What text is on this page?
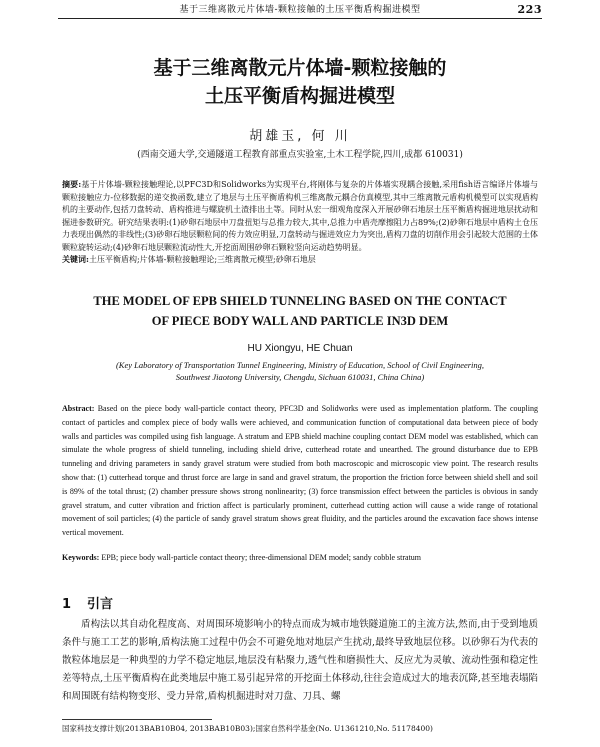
基于三维离散元片体墙-颗粒接触的土压平衡盾构掘进模型	223
基于三维离散元片体墙-颗粒接触的
土压平衡盾构掘进模型
胡雄玉, 何 川
(西南交通大学,交通隧道工程教育部重点实验室,土木工程学院,四川,成都 610031)
摘要:基于片体墙-颗粒接触理论,以PFC3D和Solidworks为实现平台,将刚体与复杂的片体墙实现耦合接触,采用fish语言编译片体墙与颗粒接触应力-位移数据的递交换函数,建立了地层与土压平衡盾构机三维离散元耦合仿真模型,其中三维离散元盾构机模型可以实现盾构机的主要动作,包括刀盘转动、盾构推进与螺旋机土渣排出土等。同时从宏一细观角度深入开展砂卵石地层土压平衡盾构掘进地层扰动和掘进参数研究。研究结果表明:(1)砂卵石地层中刀盘扭矩与总推力较大,其中,总推力中盾壳摩擦阻力占89%;(2)砂卵石地层中盾构土仓压力表现出偶然的非线性;(3)砂卵石地层颗粒间的传力效应明显,刀盘转动与掘进效应力为突出,盾构刀盘的切削作用会引起较大范围的土体颗粒旋转运动;(4)砂卵石地层颗粒流动性大,开挖面周围砂卵石颗粒竖向运动趋势明显。
关键词:土压平衡盾构;片体墙-颗粒接触理论;三维离散元模型;砂卵石地层
THE MODEL OF EPB SHIELD TUNNELING BASED ON THE CONTACT
OF PIECE BODY WALL AND PARTICLE IN3D DEM
HU Xiongyu, HE Chuan
(Key Laboratory of Transportation Tunnel Engineering, Ministry of Education, School of Civil Engineering,
Southwest Jiaotong University, Chengdu, Sichuan 610031, China China)
Abstract: Based on the piece body wall-particle contact theory, PFC3D and Solidworks were used as implementation platform. The coupling contact of particles and complex piece of body walls were achieved, and communication function of computational data between piece of body walls and particles was compiled using fish language. A stratum and EPB shield machine coupling contact DEM model was established, which can simulate the whole progress of shield tunneling, including shield drive, cutterhead rotate and unearthed. The ground disturbance due to EPB tunneling and driving parameters in sandy gravel stratum were studied from both macroscopic and microscopic view point. The research results show that: (1) cutterhead torque and thrust force are large in sand and gravel stratum, the proportion the friction force between shield shell and soil is 89% of the total thrust; (2) chamber pressure shows strong nonlinearity; (3) force transmission effect between the particles is obvious in sandy gravel stratum, and cutter vibration and friction affect is particularly prominent, cutterhead cutting action will cause a wide range of rotational movement of soil particles; (4) the particle of sandy gravel stratum shows great fluidity, and the particles around the excavation face shows intense vertical movement.
Keywords: EPB; piece body wall-particle contact theory; three-dimensional DEM model; sandy cobble stratum
1 引言
盾构法以其自动化程度高、对周围环境影响小的特点而成为城市地铁隧道施工的主流方法,然而,由于受到地质条件与施工工艺的影响,盾构法施工过程中仍会不可避免地对地层产生扰动,最终导致地层位移。以砂卵石为代表的散粒体地层是一种典型的力学不稳定地层,地层没有粘聚力,透气性和磨损性大、反应尤为灵敏、流动性强和稳定性差等特点,土压平衡盾构在此类地层中施工易引起异常的开挖面土体移动,往往会造成过大的地表沉降,甚至地表塌陷和周围既有结构物变形、受力异常,盾构机掘进时对刀盘、刀具、螺
国家科技支撑计划(2013BAB10B04, 2013BAB10B03);国家自然科学基金(No. U1361210,No. 51178400)
